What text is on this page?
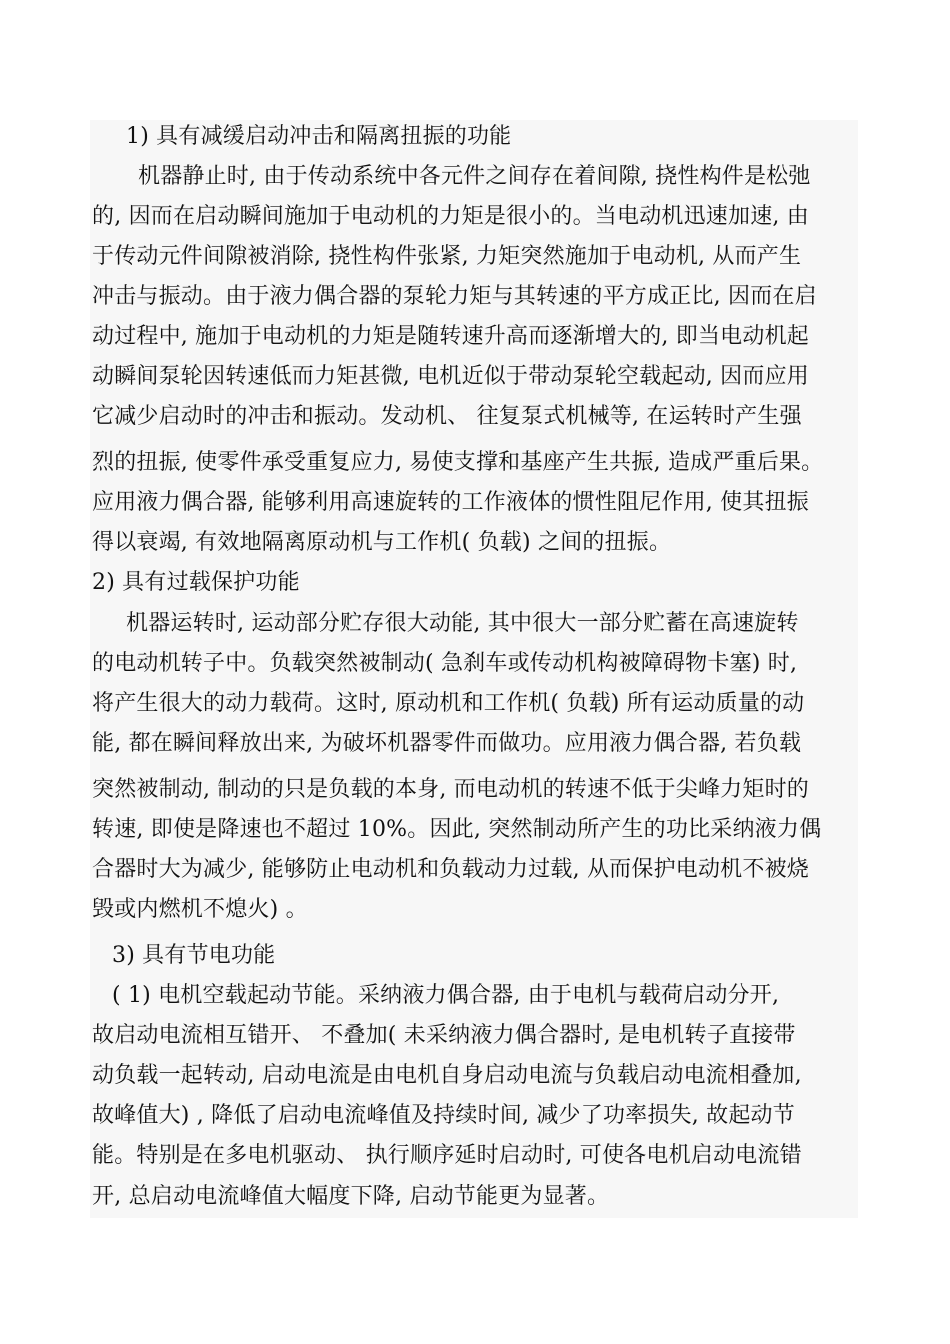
1) 具有减缓启动冲击和隔离扭振的功能
机器静止时, 由于传动系统中各元件之间存在着间隙, 挠性构件是松弛
的, 因而在启动瞬间施加于电动机的力矩是很小的。当电动机迅速加速, 由
于传动元件间隙被消除, 挠性构件张紧, 力矩突然施加于电动机, 从而产生
冲击与振动。由于液力偶合器的泵轮力矩与其转速的平方成正比, 因而在启
动过程中, 施加于电动机的力矩是随转速升高而逐渐增大的, 即当电动机起
动瞬间泵轮因转速低而力矩甚微, 电机近似于带动泵轮空载起动, 因而应用
它减少启动时的冲击和振动。发动机、 往复泵式机械等, 在运转时产生强
烈的扭振, 使零件承受重复应力, 易使支撑和基座产生共振, 造成严重后果。
应用液力偶合器, 能够利用高速旋转的工作液体的惯性阻尼作用, 使其扭振
得以衰竭, 有效地隔离原动机与工作机( 负载) 之间的扭振。
2) 具有过载保护功能
机器运转时, 运动部分贮存很大动能, 其中很大一部分贮蓄在高速旋转
的电动机转子中。负载突然被制动( 急刹车或传动机构被障碍物卡塞) 时,
将产生很大的动力载荷。这时, 原动机和工作机( 负载) 所有运动质量的动
能, 都在瞬间释放出来, 为破坏机器零件而做功。应用液力偶合器, 若负载
突然被制动, 制动的只是负载的本身, 而电动机的转速不低于尖峰力矩时的
转速, 即使是降速也不超过 10%。因此, 突然制动所产生的功比采纳液力偶
合器时大为减少, 能够防止电动机和负载动力过载, 从而保护电动机不被烧
毁或内燃机不熄火) 。
3) 具有节电功能
( 1) 电机空载起动节能。采纳液力偶合器, 由于电机与载荷启动分开,
故启动电流相互错开、 不叠加( 未采纳液力偶合器时, 是电机转子直接带
动负载一起转动, 启动电流是由电机自身启动电流与负载启动电流相叠加,
故峰值大) , 降低了启动电流峰值及持续时间, 减少了功率损失, 故起动节
能。特别是在多电机驱动、 执行顺序延时启动时, 可使各电机启动电流错
开, 总启动电流峰值大幅度下降, 启动节能更为显著。
